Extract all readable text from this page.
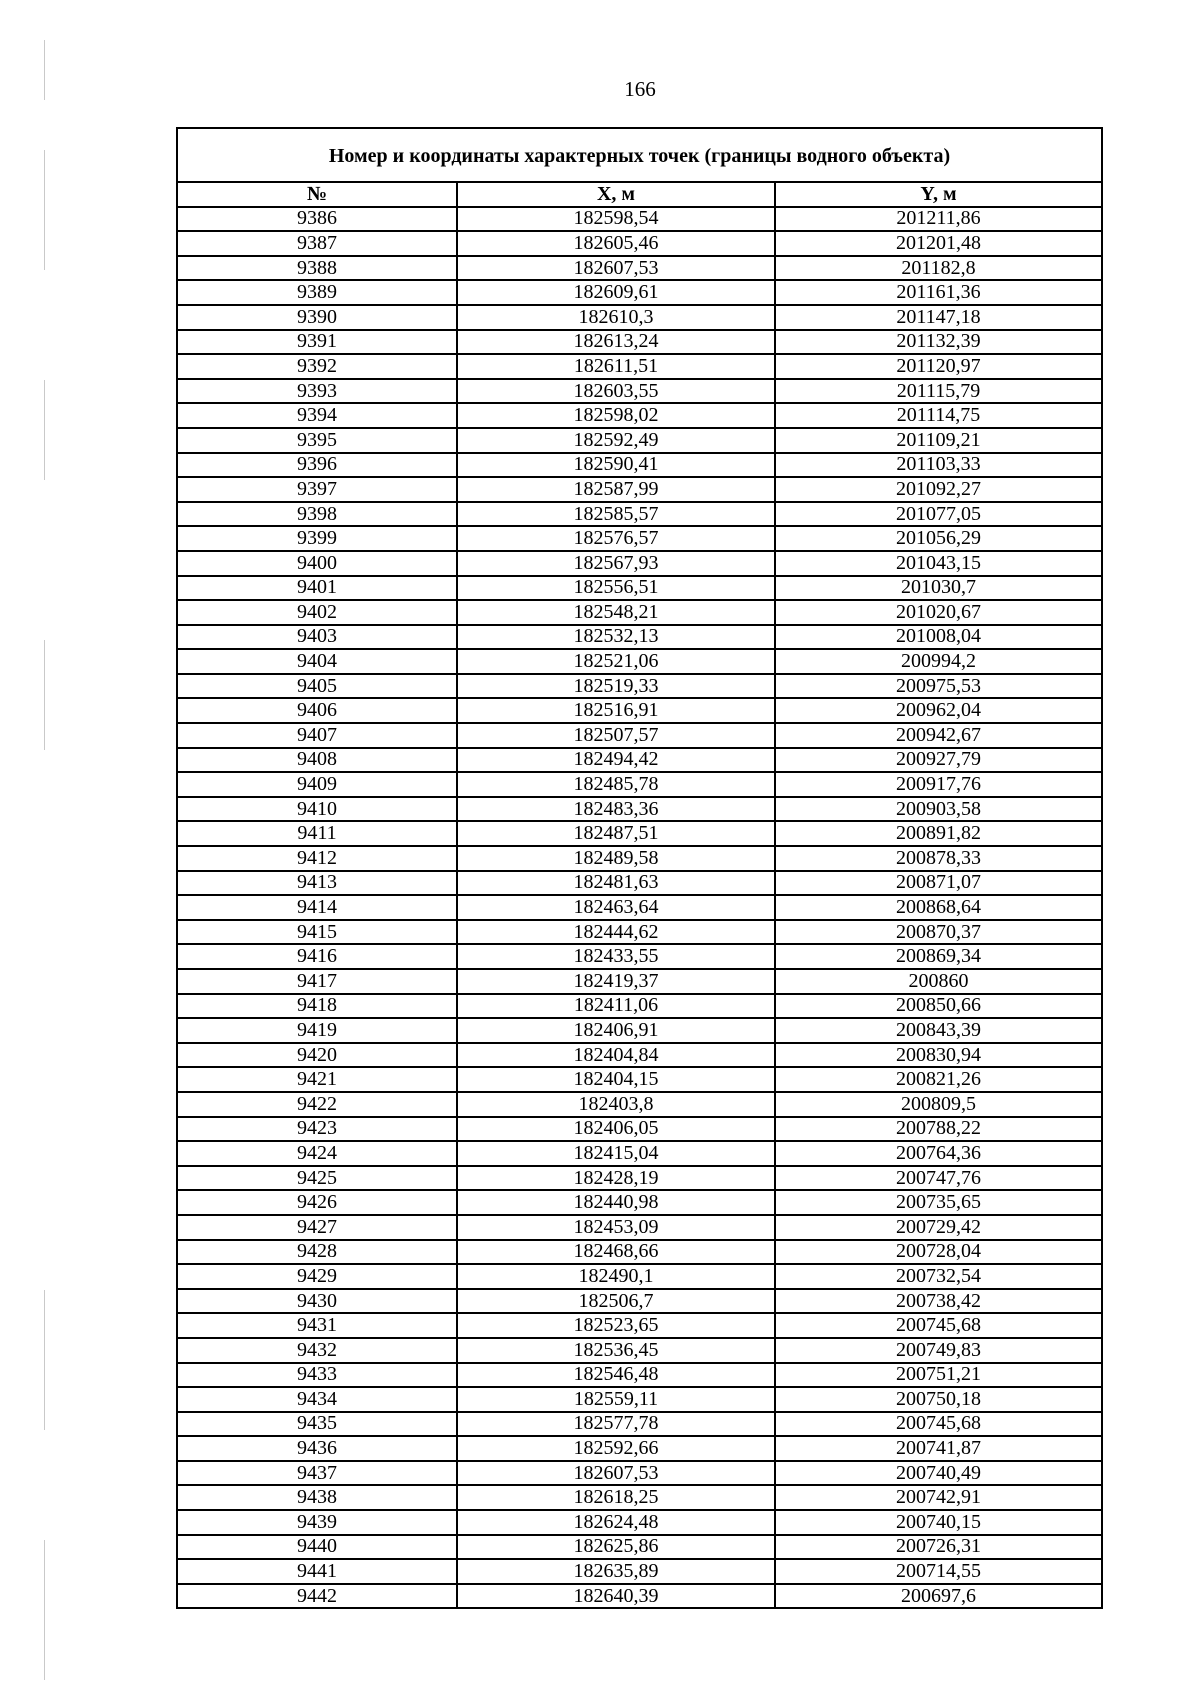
166
Номер и координаты характерных точек (границы водного объекта)		
№	X, м	Y, м
9386	182598,54	201211,86
9387	182605,46	201201,48
9388	182607,53	201182,8
9389	182609,61	201161,36
9390	182610,3	201147,18
9391	182613,24	201132,39
9392	182611,51	201120,97
9393	182603,55	201115,79
9394	182598,02	201114,75
9395	182592,49	201109,21
9396	182590,41	201103,33
9397	182587,99	201092,27
9398	182585,57	201077,05
9399	182576,57	201056,29
9400	182567,93	201043,15
9401	182556,51	201030,7
9402	182548,21	201020,67
9403	182532,13	201008,04
9404	182521,06	200994,2
9405	182519,33	200975,53
9406	182516,91	200962,04
9407	182507,57	200942,67
9408	182494,42	200927,79
9409	182485,78	200917,76
9410	182483,36	200903,58
9411	182487,51	200891,82
9412	182489,58	200878,33
9413	182481,63	200871,07
9414	182463,64	200868,64
9415	182444,62	200870,37
9416	182433,55	200869,34
9417	182419,37	200860
9418	182411,06	200850,66
9419	182406,91	200843,39
9420	182404,84	200830,94
9421	182404,15	200821,26
9422	182403,8	200809,5
9423	182406,05	200788,22
9424	182415,04	200764,36
9425	182428,19	200747,76
9426	182440,98	200735,65
9427	182453,09	200729,42
9428	182468,66	200728,04
9429	182490,1	200732,54
9430	182506,7	200738,42
9431	182523,65	200745,68
9432	182536,45	200749,83
9433	182546,48	200751,21
9434	182559,11	200750,18
9435	182577,78	200745,68
9436	182592,66	200741,87
9437	182607,53	200740,49
9438	182618,25	200742,91
9439	182624,48	200740,15
9440	182625,86	200726,31
9441	182635,89	200714,55
9442	182640,39	200697,6
